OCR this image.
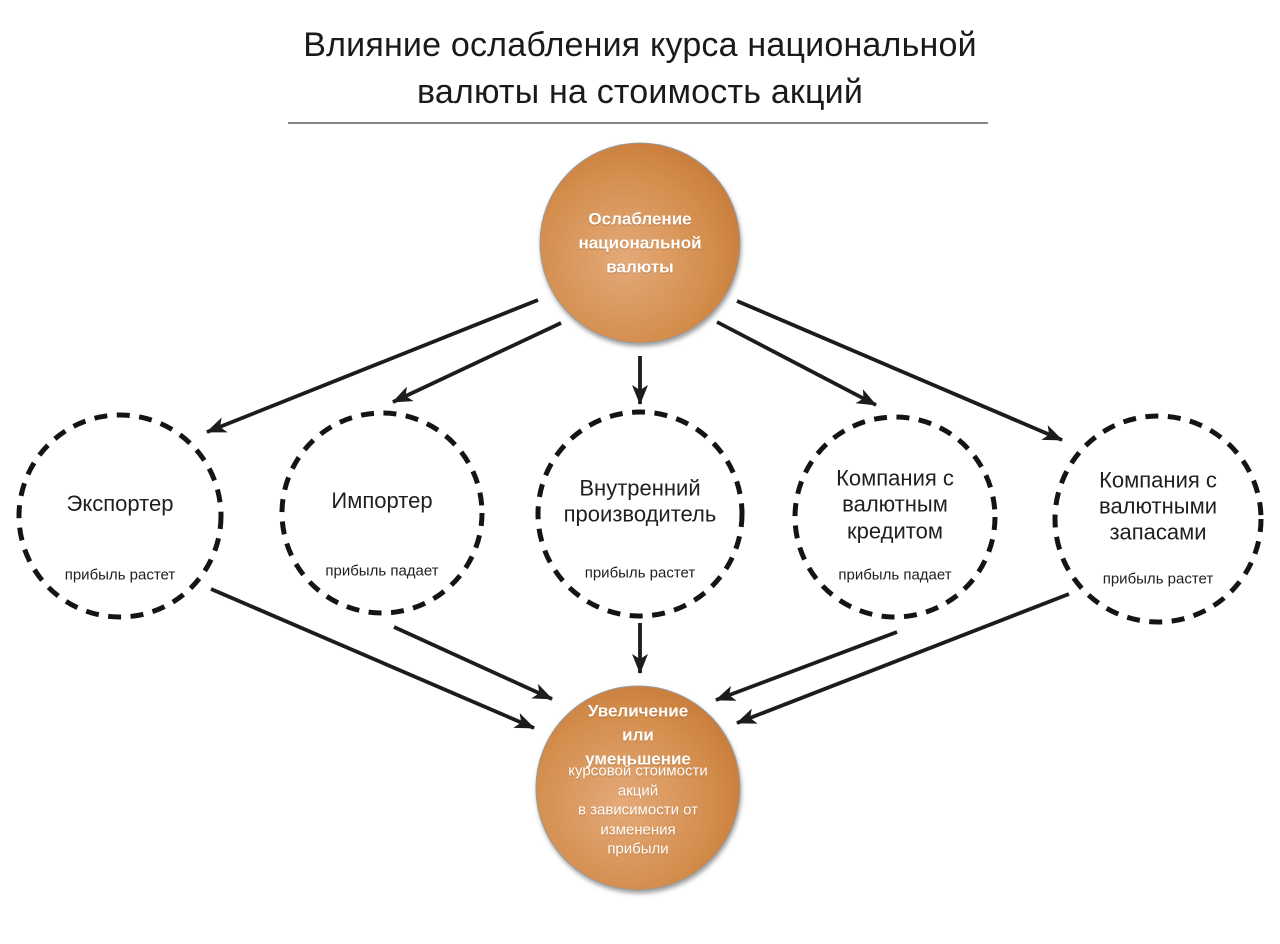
Влияние ослабления курса национальной
валюты на стоимость акций
Ослабление
национальной
валюты
Экспортер
прибыль растет
Импортер
прибыль падает
Внутренний
производитель
прибыль растет
Компания с
валютным
кредитом
прибыль падает
Компания с
валютными
запасами
прибыль растет
Увеличение
или
уменьшение
курсовой стоимости
акций
в зависимости от
изменения
прибыли
